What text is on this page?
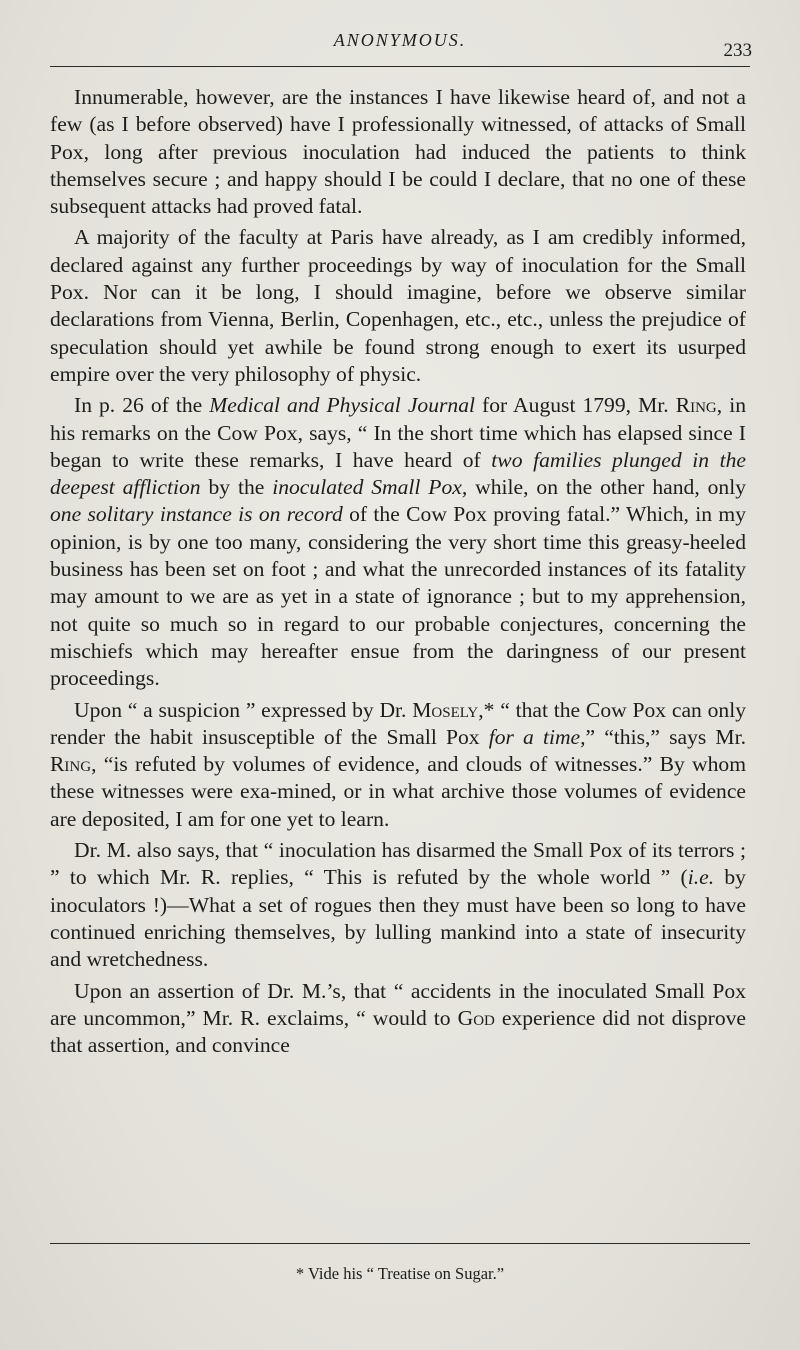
ANONYMOUS.	233

Innumerable, however, are the instances I have likewise heard of, and not a few (as I before observed) have I professionally witnessed, of attacks of Small Pox, long after previous inoculation had induced the patients to think themselves secure ; and happy should I be could I declare, that no one of these subsequent attacks had proved fatal.

A majority of the faculty at Paris have already, as I am credibly informed, declared against any further proceedings by way of inoculation for the Small Pox. Nor can it be long, I should imagine, before we observe similar declarations from Vienna, Berlin, Copenhagen, etc., etc., unless the prejudice of speculation should yet awhile be found strong enough to exert its usurped empire over the very philosophy of physic.

In p. 26 of the Medical and Physical Journal for August 1799, Mr. Ring, in his remarks on the Cow Pox, says, “ In the short time which has elapsed since I began to write these remarks, I have heard of two families plunged in the deepest affliction by the inoculated Small Pox, while, on the other hand, only one solitary instance is on record of the Cow Pox proving fatal.” Which, in my opinion, is by one too many, considering the very short time this greasy-heeled business has been set on foot ; and what the unrecorded instances of its fatality may amount to we are as yet in a state of ignorance ; but to my apprehension, not quite so much so in regard to our probable conjectures, concerning the mischiefs which may hereafter ensue from the daringness of our present proceedings.

Upon “ a suspicion ” expressed by Dr. Mosely,* “ that the Cow Pox can only render the habit insusceptible of the Small Pox for a time,” “this,” says Mr. Ring, “is refuted by volumes of evidence, and clouds of witnesses.” By whom these witnesses were exa-mined, or in what archive those volumes of evidence are deposited, I am for one yet to learn.

Dr. M. also says, that “ inoculation has disarmed the Small Pox of its terrors ; ” to which Mr. R. replies, “ This is refuted by the whole world ” (i.e. by inoculators !)—What a set of rogues then they must have been so long to have continued enriching themselves, by lulling mankind into a state of insecurity and wretchedness.

Upon an assertion of Dr. M.’s, that “ accidents in the inoculated Small Pox are uncommon,” Mr. R. exclaims, “ would to God experience did not disprove that assertion, and convince

* Vide his “ Treatise on Sugar.”
